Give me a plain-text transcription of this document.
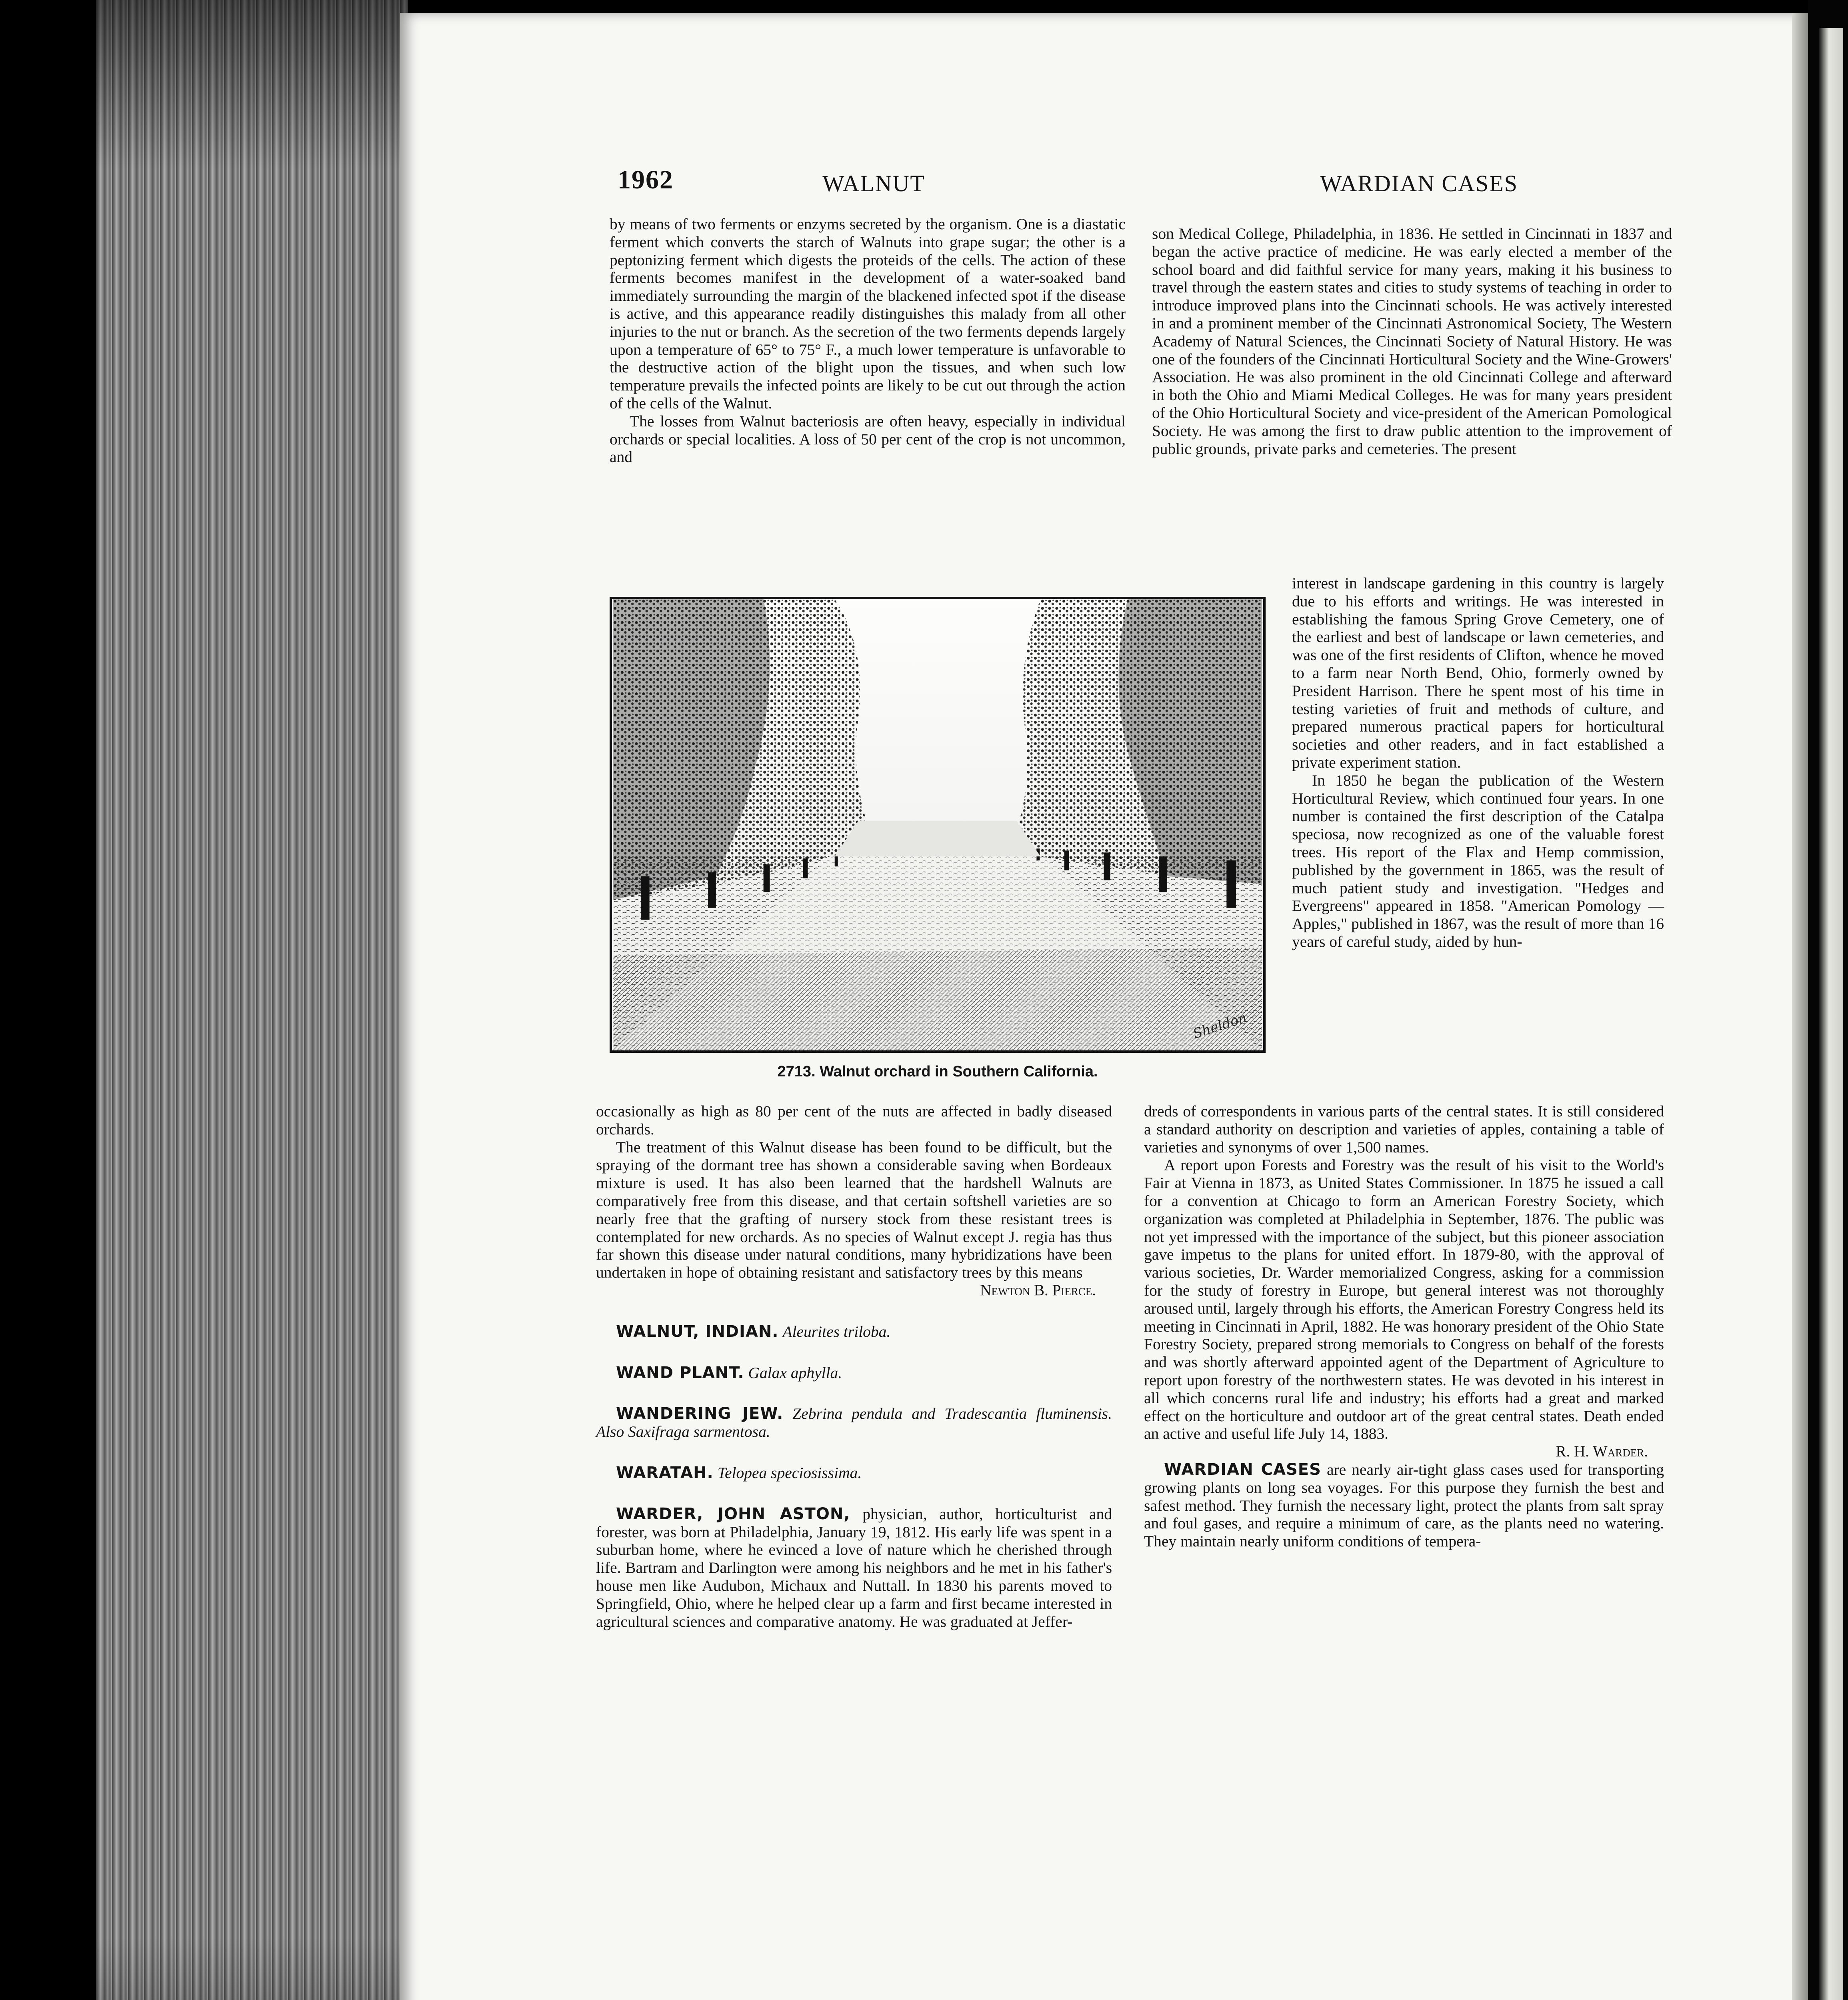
1962	WALNUT	WARDIAN CASES

by means of two ferments or enzyms secreted by the organism. One is a diastatic ferment which converts the starch of Walnuts into grape sugar; the other is a peptonizing ferment which digests the proteids of the cells. The action of these ferments becomes manifest in the development of a water-soaked band immediately surrounding the margin of the blackened infected spot if the disease is active, and this appearance readily distinguishes this malady from all other injuries to the nut or branch. As the secretion of the two ferments depends largely upon a temperature of 65° to 75° F., a much lower temperature is unfavorable to the destructive action of the blight upon the tissues, and when such low temperature prevails the infected points are likely to be cut out through the action of the cells of the Walnut.

The losses from Walnut bacteriosis are often heavy, especially in individual orchards or special localities. A loss of 50 per cent of the crop is not uncommon, and

Sheldon
2713. Walnut orchard in Southern California.

occasionally as high as 80 per cent of the nuts are affected in badly diseased orchards.

The treatment of this Walnut disease has been found to be difficult, but the spraying of the dormant tree has shown a considerable saving when Bordeaux mixture is used. It has also been learned that the hardshell Walnuts are comparatively free from this disease, and that certain softshell varieties are so nearly free that the grafting of nursery stock from these resistant trees is contemplated for new orchards. As no species of Walnut except J. regia has thus far shown this disease under natural conditions, many hybridizations have been undertaken in hope of obtaining resistant and satisfactory trees by this means

Newton B. Pierce.

WALNUT, INDIAN. Aleurites triloba.

WAND PLANT. Galax aphylla.

WANDERING JEW. Zebrina pendula and Tradescantia fluminensis. Also Saxifraga sarmentosa.

WARATAH. Telopea speciosissima.

WARDER, JOHN ASTON, physician, author, horticulturist and forester, was born at Philadelphia, January 19, 1812. His early life was spent in a suburban home, where he evinced a love of nature which he cherished through life. Bartram and Darlington were among his neighbors and he met in his father's house men like Audubon, Michaux and Nuttall. In 1830 his parents moved to Springfield, Ohio, where he helped clear up a farm and first became interested in agricultural sciences and comparative anatomy. He was graduated at Jeffer-

son Medical College, Philadelphia, in 1836. He settled in Cincinnati in 1837 and began the active practice of medicine. He was early elected a member of the school board and did faithful service for many years, making it his business to travel through the eastern states and cities to study systems of teaching in order to introduce improved plans into the Cincinnati schools. He was actively interested in and a prominent member of the Cincinnati Astronomical Society, The Western Academy of Natural Sciences, the Cincinnati Society of Natural History. He was one of the founders of the Cincinnati Horticultural Society and the Wine-Growers' Association. He was also prominent in the old Cincinnati College and afterward in both the Ohio and Miami Medical Colleges. He was for many years president of the Ohio Horticultural Society and vice-president of the American Pomological Society. He was among the first to draw public attention to the improvement of public grounds, private parks and cemeteries. The present

interest in landscape gardening in this country is largely due to his efforts and writings. He was interested in establishing the famous Spring Grove Cemetery, one of the earliest and best of landscape or lawn cemeteries, and was one of the first residents of Clifton, whence he moved to a farm near North Bend, Ohio, formerly owned by President Harrison. There he spent most of his time in testing varieties of fruit and methods of culture, and prepared numerous practical papers for horticultural societies and other readers, and in fact established a private experiment station.

In 1850 he began the publication of the Western Horticultural Review, which continued four years. In one number is contained the first description of the Catalpa speciosa, now recognized as one of the valuable forest trees. His report of the Flax and Hemp commission, published by the government in 1865, was the result of much patient study and investigation. "Hedges and Evergreens" appeared in 1858. "American Pomology — Apples," published in 1867, was the result of more than 16 years of careful study, aided by hun-

dreds of correspondents in various parts of the central states. It is still considered a standard authority on description and varieties of apples, containing a table of varieties and synonyms of over 1,500 names.

A report upon Forests and Forestry was the result of his visit to the World's Fair at Vienna in 1873, as United States Commissioner. In 1875 he issued a call for a convention at Chicago to form an American Forestry Society, which organization was completed at Philadelphia in September, 1876. The public was not yet impressed with the importance of the subject, but this pioneer association gave impetus to the plans for united effort. In 1879-80, with the approval of various societies, Dr. Warder memorialized Congress, asking for a commission for the study of forestry in Europe, but general interest was not thoroughly aroused until, largely through his efforts, the American Forestry Congress held its meeting in Cincinnati in April, 1882. He was honorary president of the Ohio State Forestry Society, prepared strong memorials to Congress on behalf of the forests and was shortly afterward appointed agent of the Department of Agriculture to report upon forestry of the northwestern states. He was devoted in his interest in all which concerns rural life and industry; his efforts had a great and marked effect on the horticulture and outdoor art of the great central states. Death ended an active and useful life July 14, 1883.

R. H. Warder.

WARDIAN CASES are nearly air-tight glass cases used for transporting growing plants on long sea voyages. For this purpose they furnish the best and safest method. They furnish the necessary light, protect the plants from salt spray and foul gases, and require a minimum of care, as the plants need no watering. They maintain nearly uniform conditions of tempera-
